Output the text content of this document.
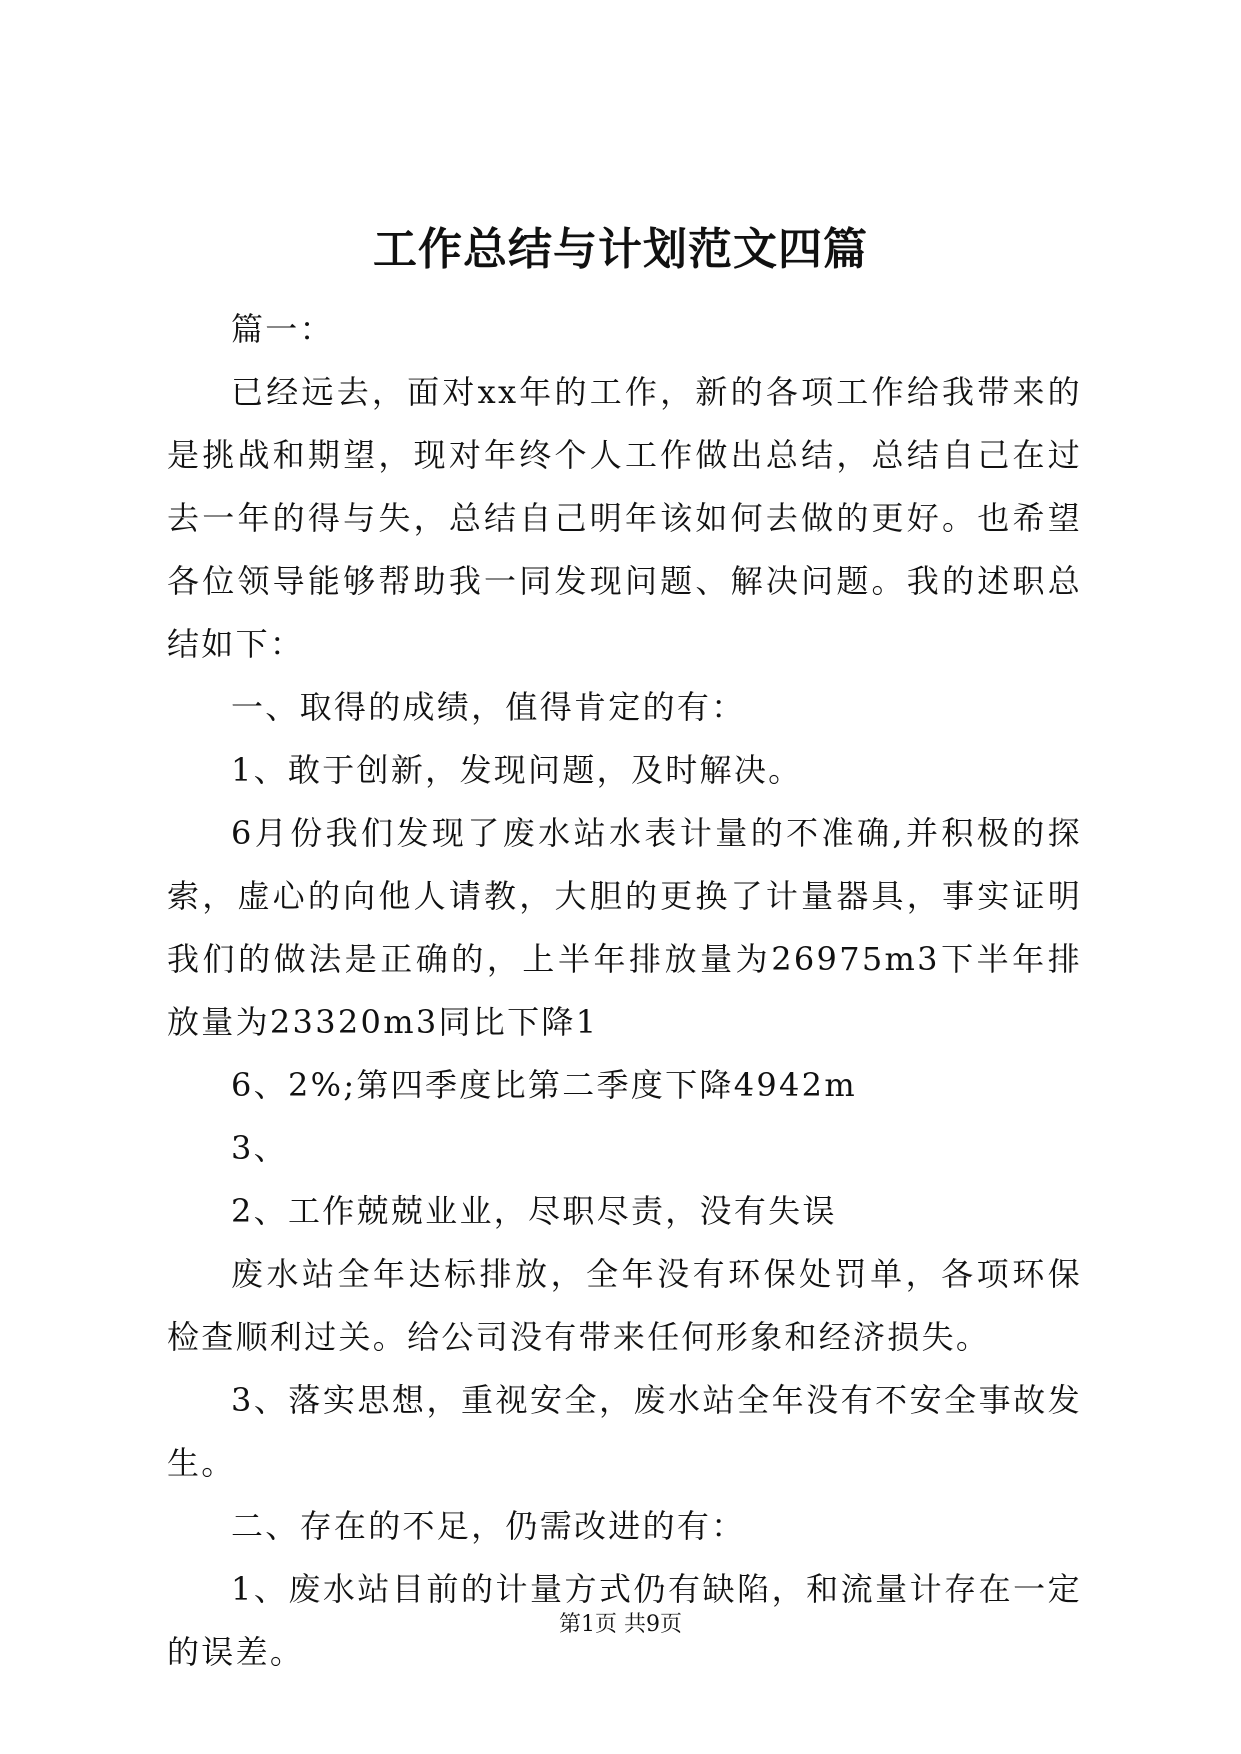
工作总结与计划范文四篇

篇一：

已经远去，面对xx年的工作，新的各项工作给我带来的是挑战和期望，现对年终个人工作做出总结，总结自己在过去一年的得与失，总结自己明年该如何去做的更好。也希望各位领导能够帮助我一同发现问题、解决问题。我的述职总结如下：

一、取得的成绩，值得肯定的有：

1、敢于创新，发现问题，及时解决。

6月份我们发现了废水站水表计量的不准确,并积极的探索，虚心的向他人请教，大胆的更换了计量器具，事实证明我们的做法是正确的，上半年排放量为26975m3下半年排放量为23320m3同比下降1

6、2%;第四季度比第二季度下降4942m

3、

2、工作兢兢业业，尽职尽责，没有失误

废水站全年达标排放，全年没有环保处罚单，各项环保检查顺利过关。给公司没有带来任何形象和经济损失。

3、落实思想，重视安全，废水站全年没有不安全事故发生。

二、存在的不足，仍需改进的有：

1、废水站目前的计量方式仍有缺陷，和流量计存在一定的误差。

第1页 共9页
